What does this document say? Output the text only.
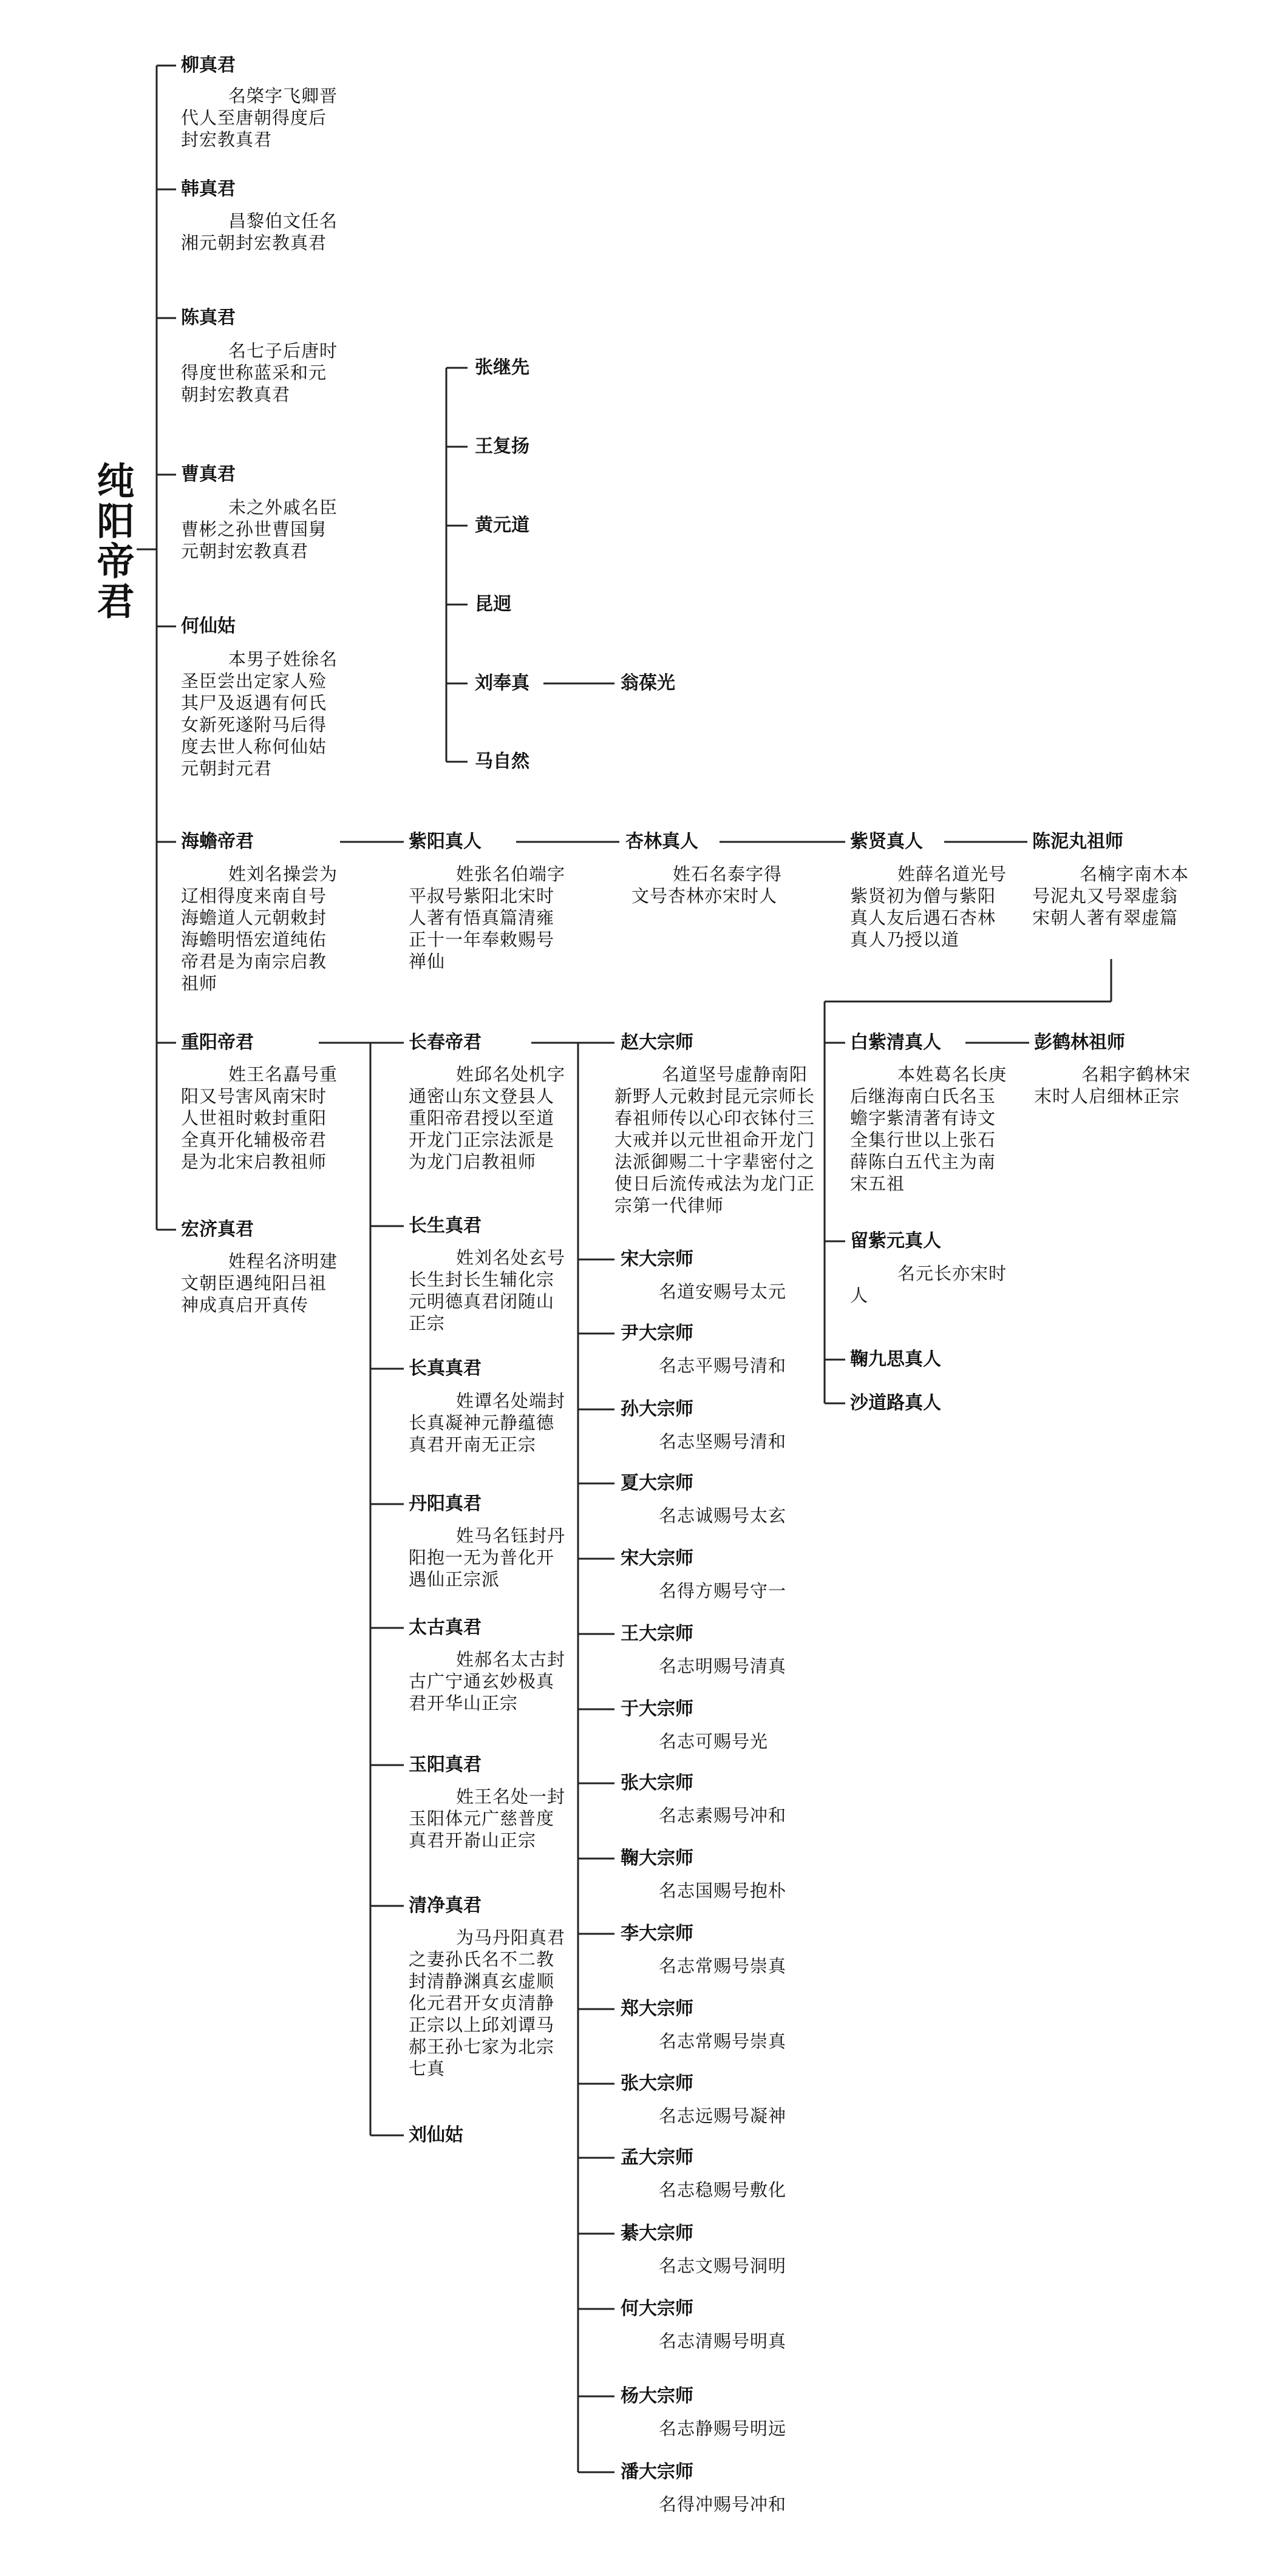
纯阳帝君
柳真君
名棨字飞卿晋代人至唐朝得度后封宏教真君
韩真君
昌黎伯文任名湘元朝封宏教真君
陈真君
名七子后唐时得度世称蓝采和元朝封宏教真君
曹真君
未之外戚名臣曹彬之孙世曹国舅元朝封宏教真君
何仙姑
本男子姓徐名圣臣尝出定家人殓其尸及返遇有何氏女新死遂附马后得度去世人称何仙姑元朝封元君
海蟾帝君
姓刘名操尝为辽相得度来南自号海蟾道人元朝敕封海蟾明悟宏道纯佑帝君是为南宗启教祖师
重阳帝君
姓王名嚞号重阳又号害风南宋时人世祖时敕封重阳全真开化辅极帝君是为北宋启教祖师
宏济真君
姓程名济明建文朝臣遇纯阳吕祖神成真启开真传
张继先
王复扬
黄元道
昆迥
刘奉真	翁葆光
马自然
紫阳真人
姓张名伯端字平叔号紫阳北宋时人著有悟真篇清雍正十一年奉敕赐号禅仙
杏林真人
姓石名泰字得文号杏林亦宋时人
紫贤真人
姓薛名道光号紫贤初为僧与紫阳真人友后遇石杏林真人乃授以道
陈泥丸祖师
名楠字南木本号泥丸又号翠虚翁宋朝人著有翠虚篇
白紫清真人
本姓葛名长庚后继海南白氏名玉蟾字紫清著有诗文全集行世以上张石薛陈白五代主为南宋五祖
彭鹤林祖师
名耜字鹤林宋末时人启细林正宗
留紫元真人
名元长亦宋时人
鞠九思真人
沙道路真人
长春帝君
姓邱名处机字通密山东文登县人重阳帝君授以至道开龙门正宗法派是为龙门启教祖师
长生真君
姓刘名处玄号长生封长生辅化宗元明德真君闭随山正宗
长真真君
姓谭名处端封长真凝神元静蕴德真君开南无正宗
丹阳真君
姓马名钰封丹阳抱一无为普化开遇仙正宗派
太古真君
姓郝名太古封古广宁通玄妙极真君开华山正宗
玉阳真君
姓王名处一封玉阳体元广慈普度真君开嵛山正宗
清净真君
为马丹阳真君之妻孙氏名不二教封清静渊真玄虚顺化元君开女贞清静正宗以上邱刘谭马郝王孙七家为北宗七真
刘仙姑
赵大宗师
名道坚号虚静南阳新野人元敕封昆元宗师长春祖师传以心印衣钵付三大戒并以元世祖命开龙门法派御赐二十字辈密付之使日后流传戒法为龙门正宗第一代律师
宋大宗师
名道安赐号太元
尹大宗师
名志平赐号清和
孙大宗师
名志坚赐号清和
夏大宗师
名志诚赐号太玄
宋大宗师
名得方赐号守一
王大宗师
名志明赐号清真
于大宗师
名志可赐号光
张大宗师
名志素赐号冲和
鞠大宗师
名志国赐号抱朴
李大宗师
名志常赐号崇真
郑大宗师
名志常赐号崇真
张大宗师
名志远赐号凝神
孟大宗师
名志稳赐号敷化
綦大宗师
名志文赐号洞明
何大宗师
名志清赐号明真
杨大宗师
名志静赐号明远
潘大宗师
名得冲赐号冲和
